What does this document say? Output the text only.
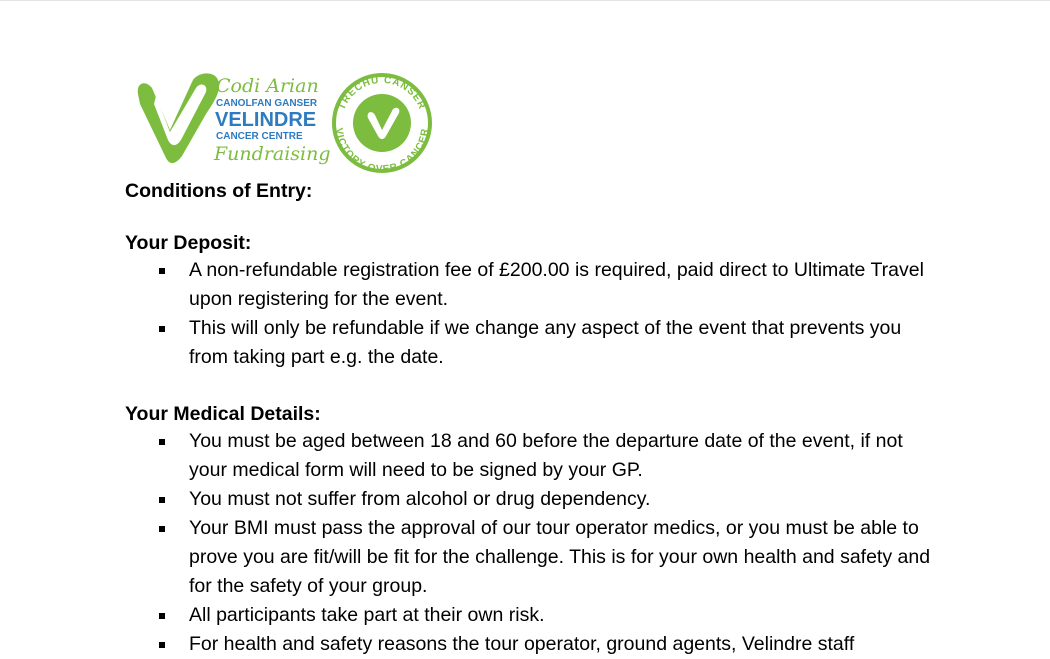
Codi Arian
CANOLFAN GANSER
VELINDRE
CANCER CENTRE
Fundraising
TRECHU CANSER
VICTORY OVER CANCER
Conditions of Entry:
Your Deposit:
A non-refundable registration fee of £200.00 is required, paid direct to Ultimate Travel upon registering for the event.
This will only be refundable if we change any aspect of the event that prevents you from taking part e.g. the date.
Your Medical Details:
You must be aged between 18 and 60 before the departure date of the event, if not your medical form will need to be signed by your GP.
You must not suffer from alcohol or drug dependency.
Your BMI must pass the approval of our tour operator medics, or you must be able to prove you are fit/will be fit for the challenge. This is for your own health and safety and for the safety of your group.
All participants take part at their own risk.
For health and safety reasons the tour operator, ground agents, Velindre staff
